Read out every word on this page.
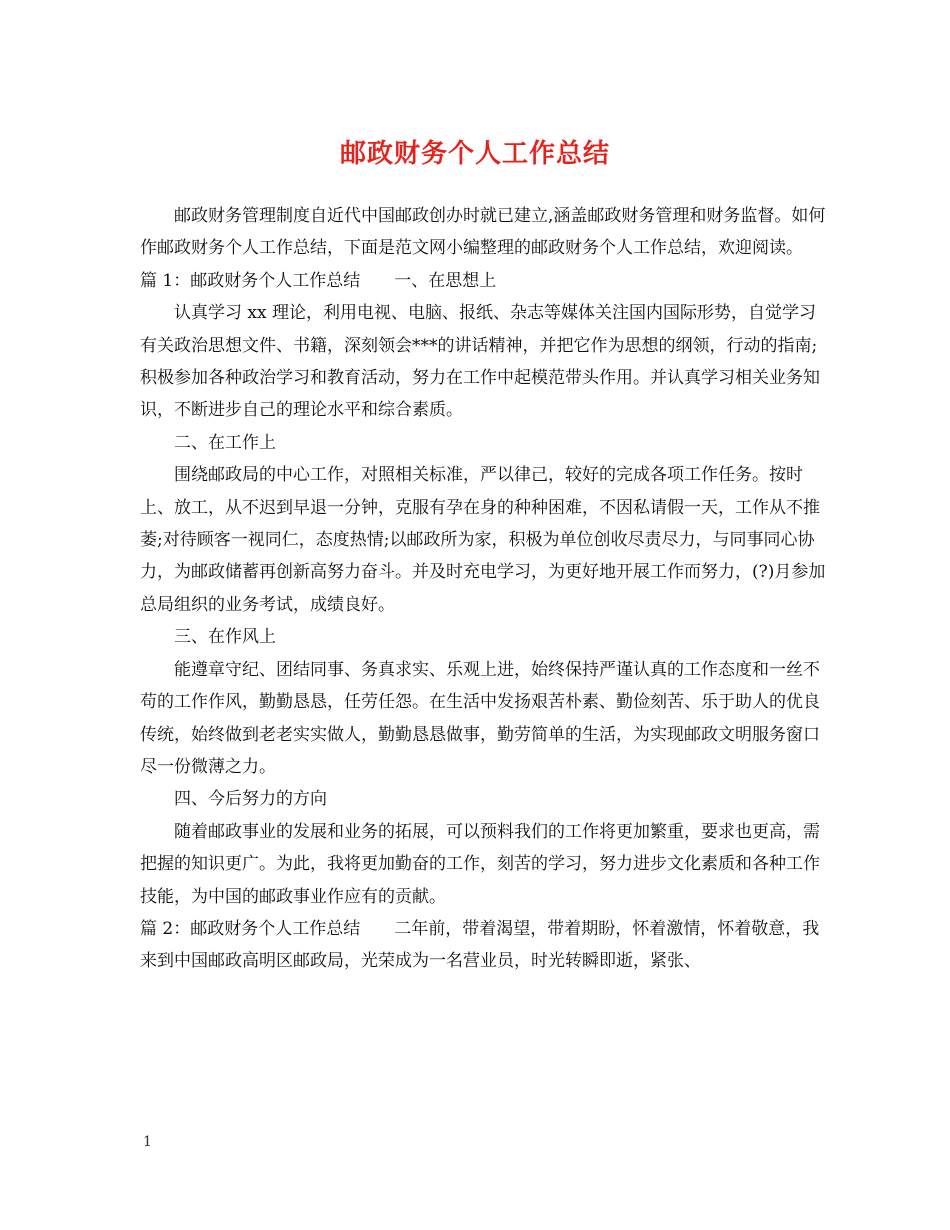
邮政财务个人工作总结

邮政财务管理制度自近代中国邮政创办时就已建立,涵盖邮政财务管理和财务监督。如何作邮政财务个人工作总结，下面是范文网小编整理的邮政财务个人工作总结，欢迎阅读。

篇 1：邮政财务个人工作总结　　一、在思想上

认真学习 xx 理论，利用电视、电脑、报纸、杂志等媒体关注国内国际形势，自觉学习有关政治思想文件、书籍，深刻领会***的讲话精神，并把它作为思想的纲领，行动的指南;积极参加各种政治学习和教育活动，努力在工作中起模范带头作用。并认真学习相关业务知识，不断进步自己的理论水平和综合素质。

二、在工作上

围绕邮政局的中心工作，对照相关标准，严以律己，较好的完成各项工作任务。按时上、放工，从不迟到早退一分钟，克服有孕在身的种种困难，不因私请假一天，工作从不推萎;对待顾客一视同仁，态度热情;以邮政所为家，积极为单位创收尽责尽力，与同事同心协力，为邮政储蓄再创新高努力奋斗。并及时充电学习，为更好地开展工作而努力，(?)月参加总局组织的业务考试，成绩良好。

三、在作风上

能遵章守纪、团结同事、务真求实、乐观上进，始终保持严谨认真的工作态度和一丝不苟的工作作风，勤勤恳恳，任劳任怨。在生活中发扬艰苦朴素、勤俭刻苦、乐于助人的优良传统，始终做到老老实实做人，勤勤恳恳做事，勤劳简单的生活，为实现邮政文明服务窗口尽一份微薄之力。

四、今后努力的方向

随着邮政事业的发展和业务的拓展，可以预料我们的工作将更加繁重，要求也更高，需把握的知识更广。为此，我将更加勤奋的工作，刻苦的学习，努力进步文化素质和各种工作技能，为中国的邮政事业作应有的贡献。

篇 2：邮政财务个人工作总结　　二年前，带着渴望，带着期盼，怀着激情，怀着敬意，我来到中国邮政高明区邮政局，光荣成为一名营业员，时光转瞬即逝，紧张、

1
